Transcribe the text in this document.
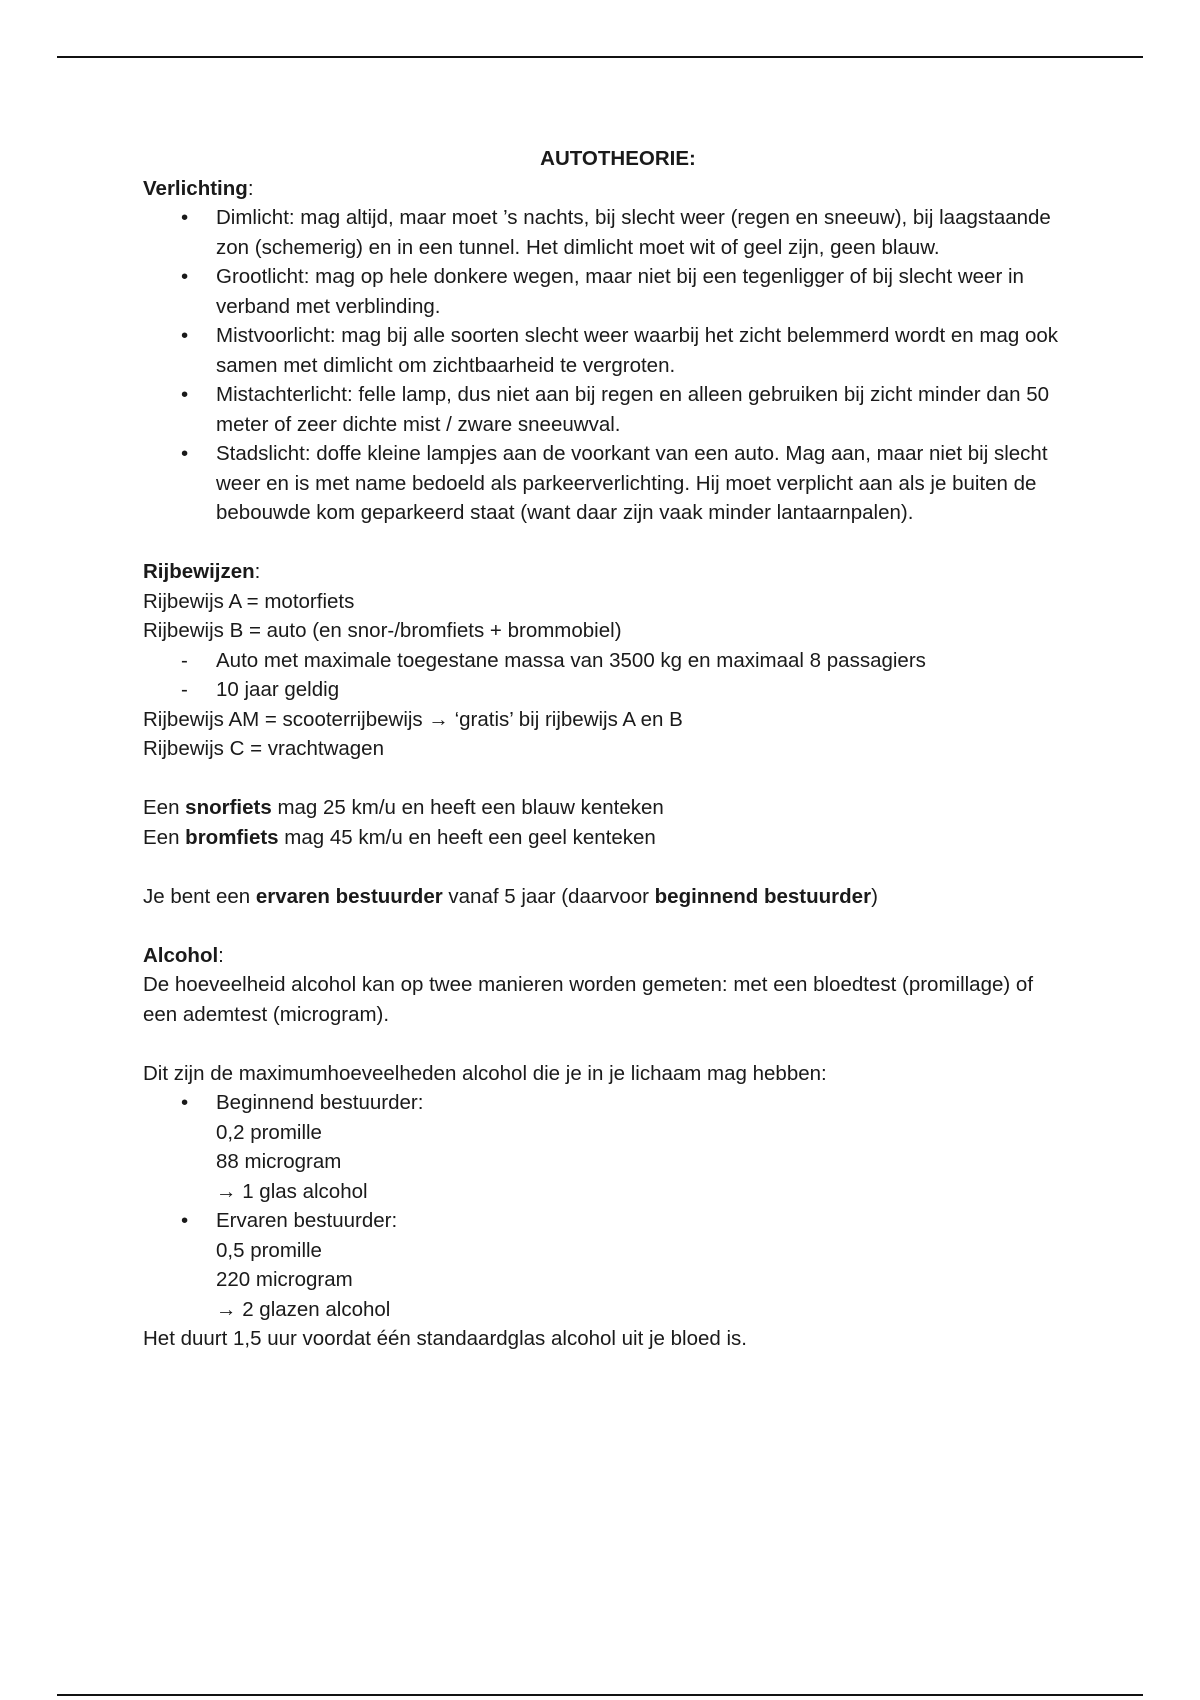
AUTOTHEORIE:

Verlichting:

• Dimlicht: mag altijd, maar moet ’s nachts, bij slecht weer (regen en sneeuw), bij laagstaande zon (schemerig) en in een tunnel. Het dimlicht moet wit of geel zijn, geen blauw.
• Grootlicht: mag op hele donkere wegen, maar niet bij een tegenligger of bij slecht weer in verband met verblinding.
• Mistvoorlicht: mag bij alle soorten slecht weer waarbij het zicht belemmerd wordt en mag ook samen met dimlicht om zichtbaarheid te vergroten.
• Mistachterlicht: felle lamp, dus niet aan bij regen en alleen gebruiken bij zicht minder dan 50 meter of zeer dichte mist / zware sneeuwval.
• Stadslicht: doffe kleine lampjes aan de voorkant van een auto. Mag aan, maar niet bij slecht weer en is met name bedoeld als parkeerverlichting. Hij moet verplicht aan als je buiten de bebouwde kom geparkeerd staat (want daar zijn vaak minder lantaarnpalen).

Rijbewijzen:

Rijbewijs A = motorfiets

Rijbewijs B = auto (en snor-/bromfiets + brommobiel)

- Auto met maximale toegestane massa van 3500 kg en maximaal 8 passagiers

- 10 jaar geldig

Rijbewijs AM = scooterrijbewijs → ‘gratis’ bij rijbewijs A en B

Rijbewijs C = vrachtwagen

Een snorfiets mag 25 km/u en heeft een blauw kenteken

Een bromfiets mag 45 km/u en heeft een geel kenteken

Je bent een ervaren bestuurder vanaf 5 jaar (daarvoor beginnend bestuurder)

Alcohol:

De hoeveelheid alcohol kan op twee manieren worden gemeten: met een bloedtest (promillage) of een ademtest (microgram).

Dit zijn de maximumhoeveelheden alcohol die je in je lichaam mag hebben:

• Beginnend bestuurder:
0,2 promille
88 microgram
→ 1 glas alcohol
• Ervaren bestuurder:
0,5 promille
220 microgram
→ 2 glazen alcohol

Het duurt 1,5 uur voordat één standaardglas alcohol uit je bloed is.
